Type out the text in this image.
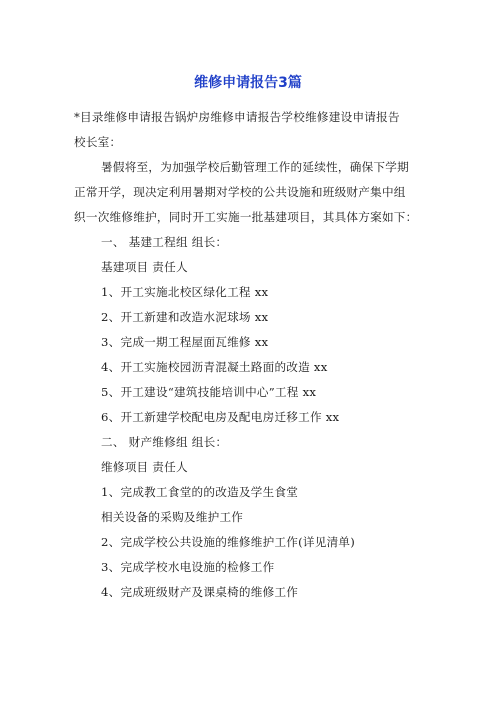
维修申请报告3篇
*目录维修申请报告锅炉房维修申请报告学校维修建设申请报告
校长室：
暑假将至，为加强学校后勤管理工作的延续性，确保下学期
正常开学，现决定利用暑期对学校的公共设施和班级财产集中组
织一次维修维护，同时开工实施一批基建项目，其具体方案如下：
一、 基建工程组 组长：
基建项目 责任人
1、开工实施北校区绿化工程 xx
2、开工新建和改造水泥球场 xx
3、完成一期工程屋面瓦维修 xx
4、开工实施校园沥青混凝土路面的改造 xx
5、开工建设“建筑技能培训中心”工程 xx
6、开工新建学校配电房及配电房迁移工作 xx
二、 财产维修组 组长：
维修项目 责任人
1、完成教工食堂的的改造及学生食堂
相关设备的采购及维护工作
2、完成学校公共设施的维修维护工作(详见清单)
3、完成学校水电设施的检修工作
4、完成班级财产及课桌椅的维修工作
